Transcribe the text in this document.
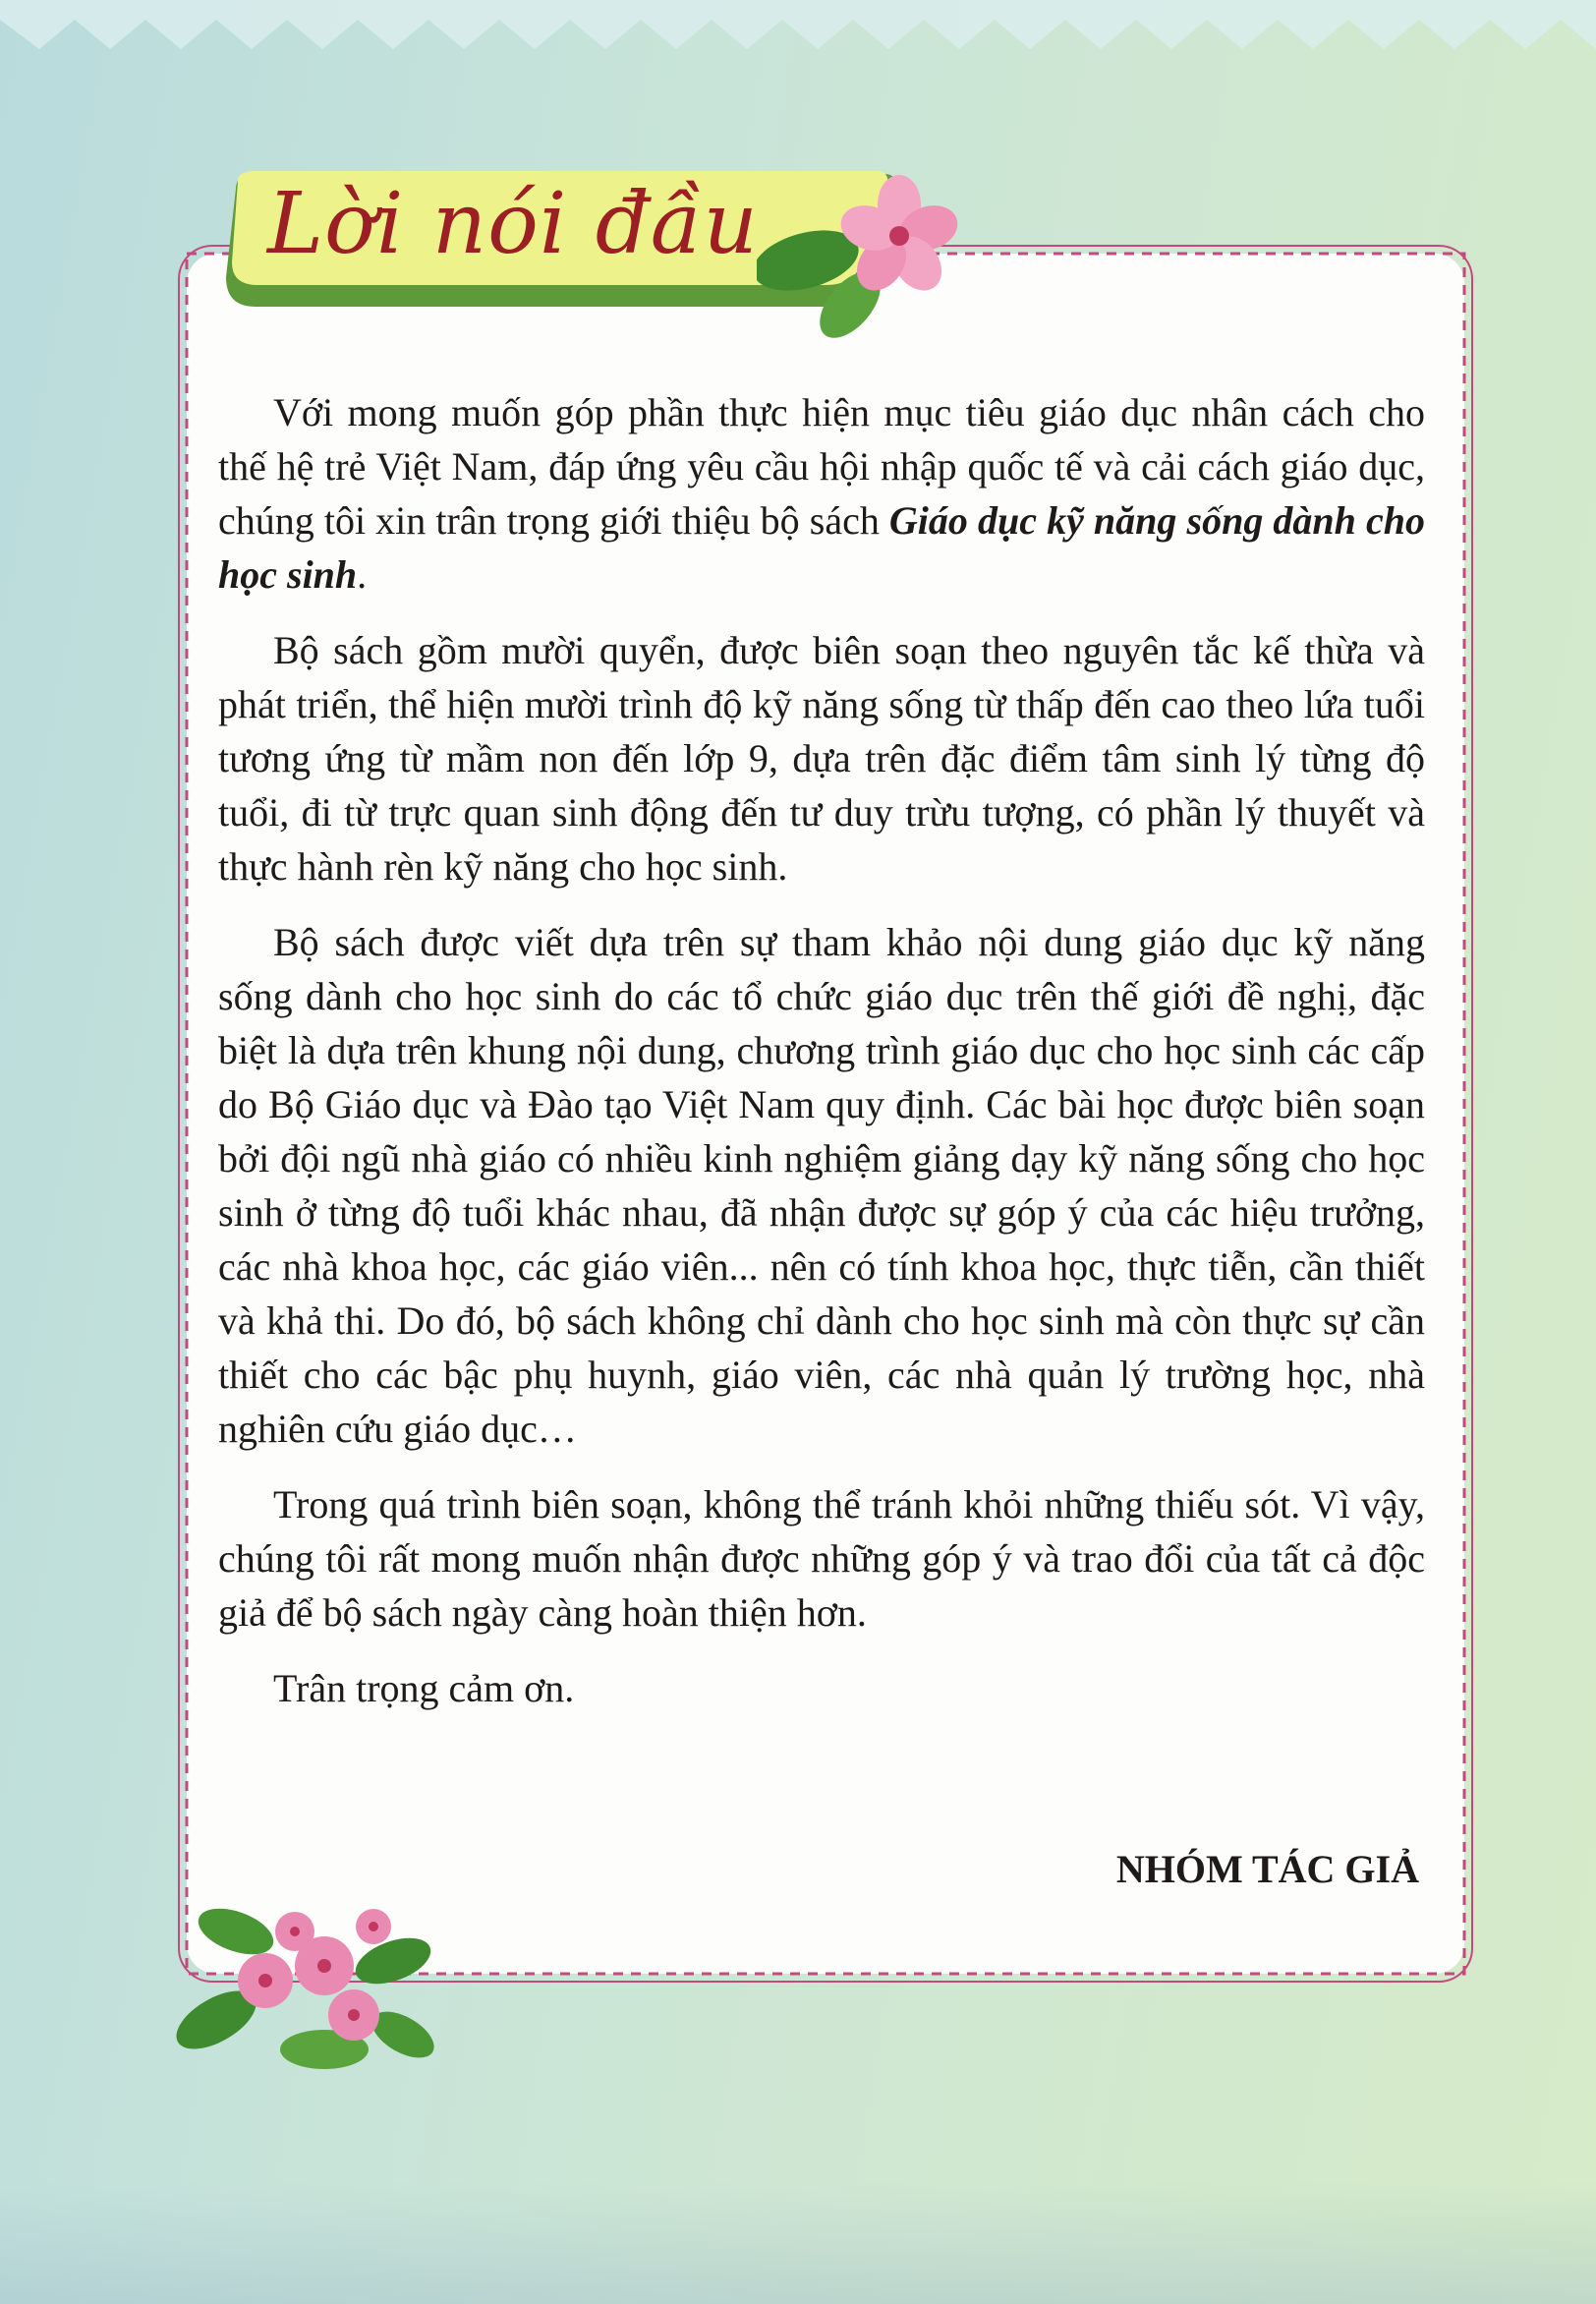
Lời nói đầu

Với mong muốn góp phần thực hiện mục tiêu giáo dục nhân cách cho thế hệ trẻ Việt Nam, đáp ứng yêu cầu hội nhập quốc tế và cải cách giáo dục, chúng tôi xin trân trọng giới thiệu bộ sách Giáo dục kỹ năng sống dành cho học sinh.

Bộ sách gồm mười quyển, được biên soạn theo nguyên tắc kế thừa và phát triển, thể hiện mười trình độ kỹ năng sống từ thấp đến cao theo lứa tuổi tương ứng từ mầm non đến lớp 9, dựa trên đặc điểm tâm sinh lý từng độ tuổi, đi từ trực quan sinh động đến tư duy trừu tượng, có phần lý thuyết và thực hành rèn kỹ năng cho học sinh.

Bộ sách được viết dựa trên sự tham khảo nội dung giáo dục kỹ năng sống dành cho học sinh do các tổ chức giáo dục trên thế giới đề nghị, đặc biệt là dựa trên khung nội dung, chương trình giáo dục cho học sinh các cấp do Bộ Giáo dục và Đào tạo Việt Nam quy định. Các bài học được biên soạn bởi đội ngũ nhà giáo có nhiều kinh nghiệm giảng dạy kỹ năng sống cho học sinh ở từng độ tuổi khác nhau, đã nhận được sự góp ý của các hiệu trưởng, các nhà khoa học, các giáo viên... nên có tính khoa học, thực tiễn, cần thiết và khả thi. Do đó, bộ sách không chỉ dành cho học sinh mà còn thực sự cần thiết cho các bậc phụ huynh, giáo viên, các nhà quản lý trường học, nhà nghiên cứu giáo dục…

Trong quá trình biên soạn, không thể tránh khỏi những thiếu sót. Vì vậy, chúng tôi rất mong muốn nhận được những góp ý và trao đổi của tất cả độc giả để bộ sách ngày càng hoàn thiện hơn.

Trân trọng cảm ơn.

NHÓM TÁC GIẢ
